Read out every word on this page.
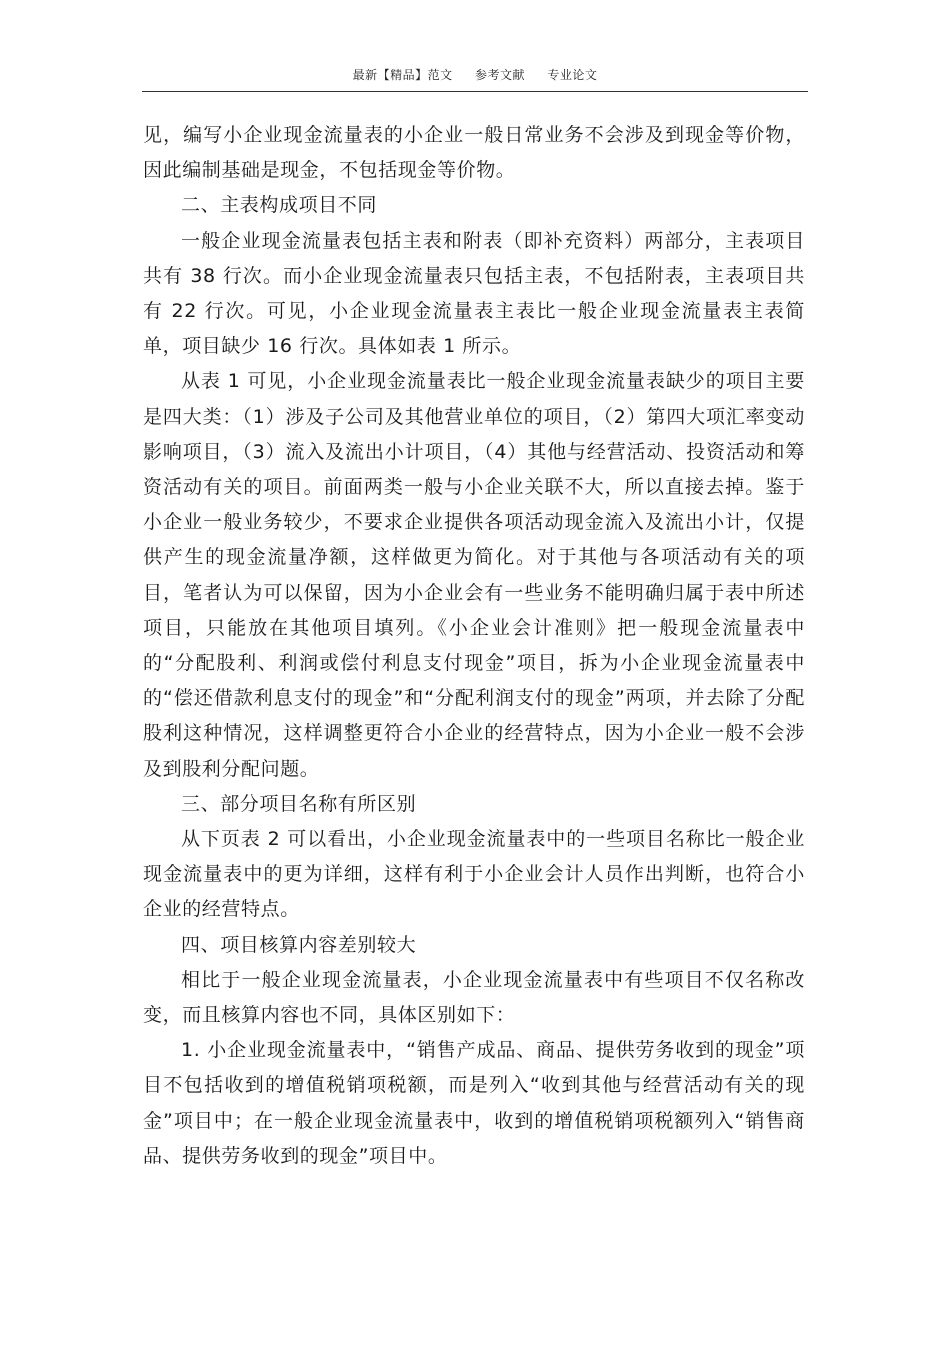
最新【精品】范文 参考文献 专业论文

见，编写小企业现金流量表的小企业一般日常业务不会涉及到现金等价物，因此编制基础是现金，不包括现金等价物。

二、主表构成项目不同

一般企业现金流量表包括主表和附表（即补充资料）两部分，主表项目共有 38 行次。而小企业现金流量表只包括主表，不包括附表，主表项目共有 22 行次。可见，小企业现金流量表主表比一般企业现金流量表主表简单，项目缺少 16 行次。具体如表 1 所示。

从表 1 可见，小企业现金流量表比一般企业现金流量表缺少的项目主要是四大类：（1）涉及子公司及其他营业单位的项目，（2）第四大项汇率变动影响项目，（3）流入及流出小计项目，（4）其他与经营活动、投资活动和筹资活动有关的项目。前面两类一般与小企业关联不大，所以直接去掉。鉴于小企业一般业务较少，不要求企业提供各项活动现金流入及流出小计，仅提供产生的现金流量净额，这样做更为简化。对于其他与各项活动有关的项目，笔者认为可以保留，因为小企业会有一些业务不能明确归属于表中所述项目，只能放在其他项目填列。《小企业会计准则》把一般现金流量表中的“分配股利、利润或偿付利息支付现金”项目，拆为小企业现金流量表中的“偿还借款利息支付的现金”和“分配利润支付的现金”两项，并去除了分配股利这种情况，这样调整更符合小企业的经营特点，因为小企业一般不会涉及到股利分配问题。

三、部分项目名称有所区别

从下页表 2 可以看出，小企业现金流量表中的一些项目名称比一般企业现金流量表中的更为详细，这样有利于小企业会计人员作出判断，也符合小企业的经营特点。

四、项目核算内容差别较大

相比于一般企业现金流量表，小企业现金流量表中有些项目不仅名称改变，而且核算内容也不同，具体区别如下：

1. 小企业现金流量表中，“销售产成品、商品、提供劳务收到的现金”项目不包括收到的增值税销项税额，而是列入“收到其他与经营活动有关的现金”项目中；在一般企业现金流量表中，收到的增值税销项税额列入“销售商品、提供劳务收到的现金”项目中。
